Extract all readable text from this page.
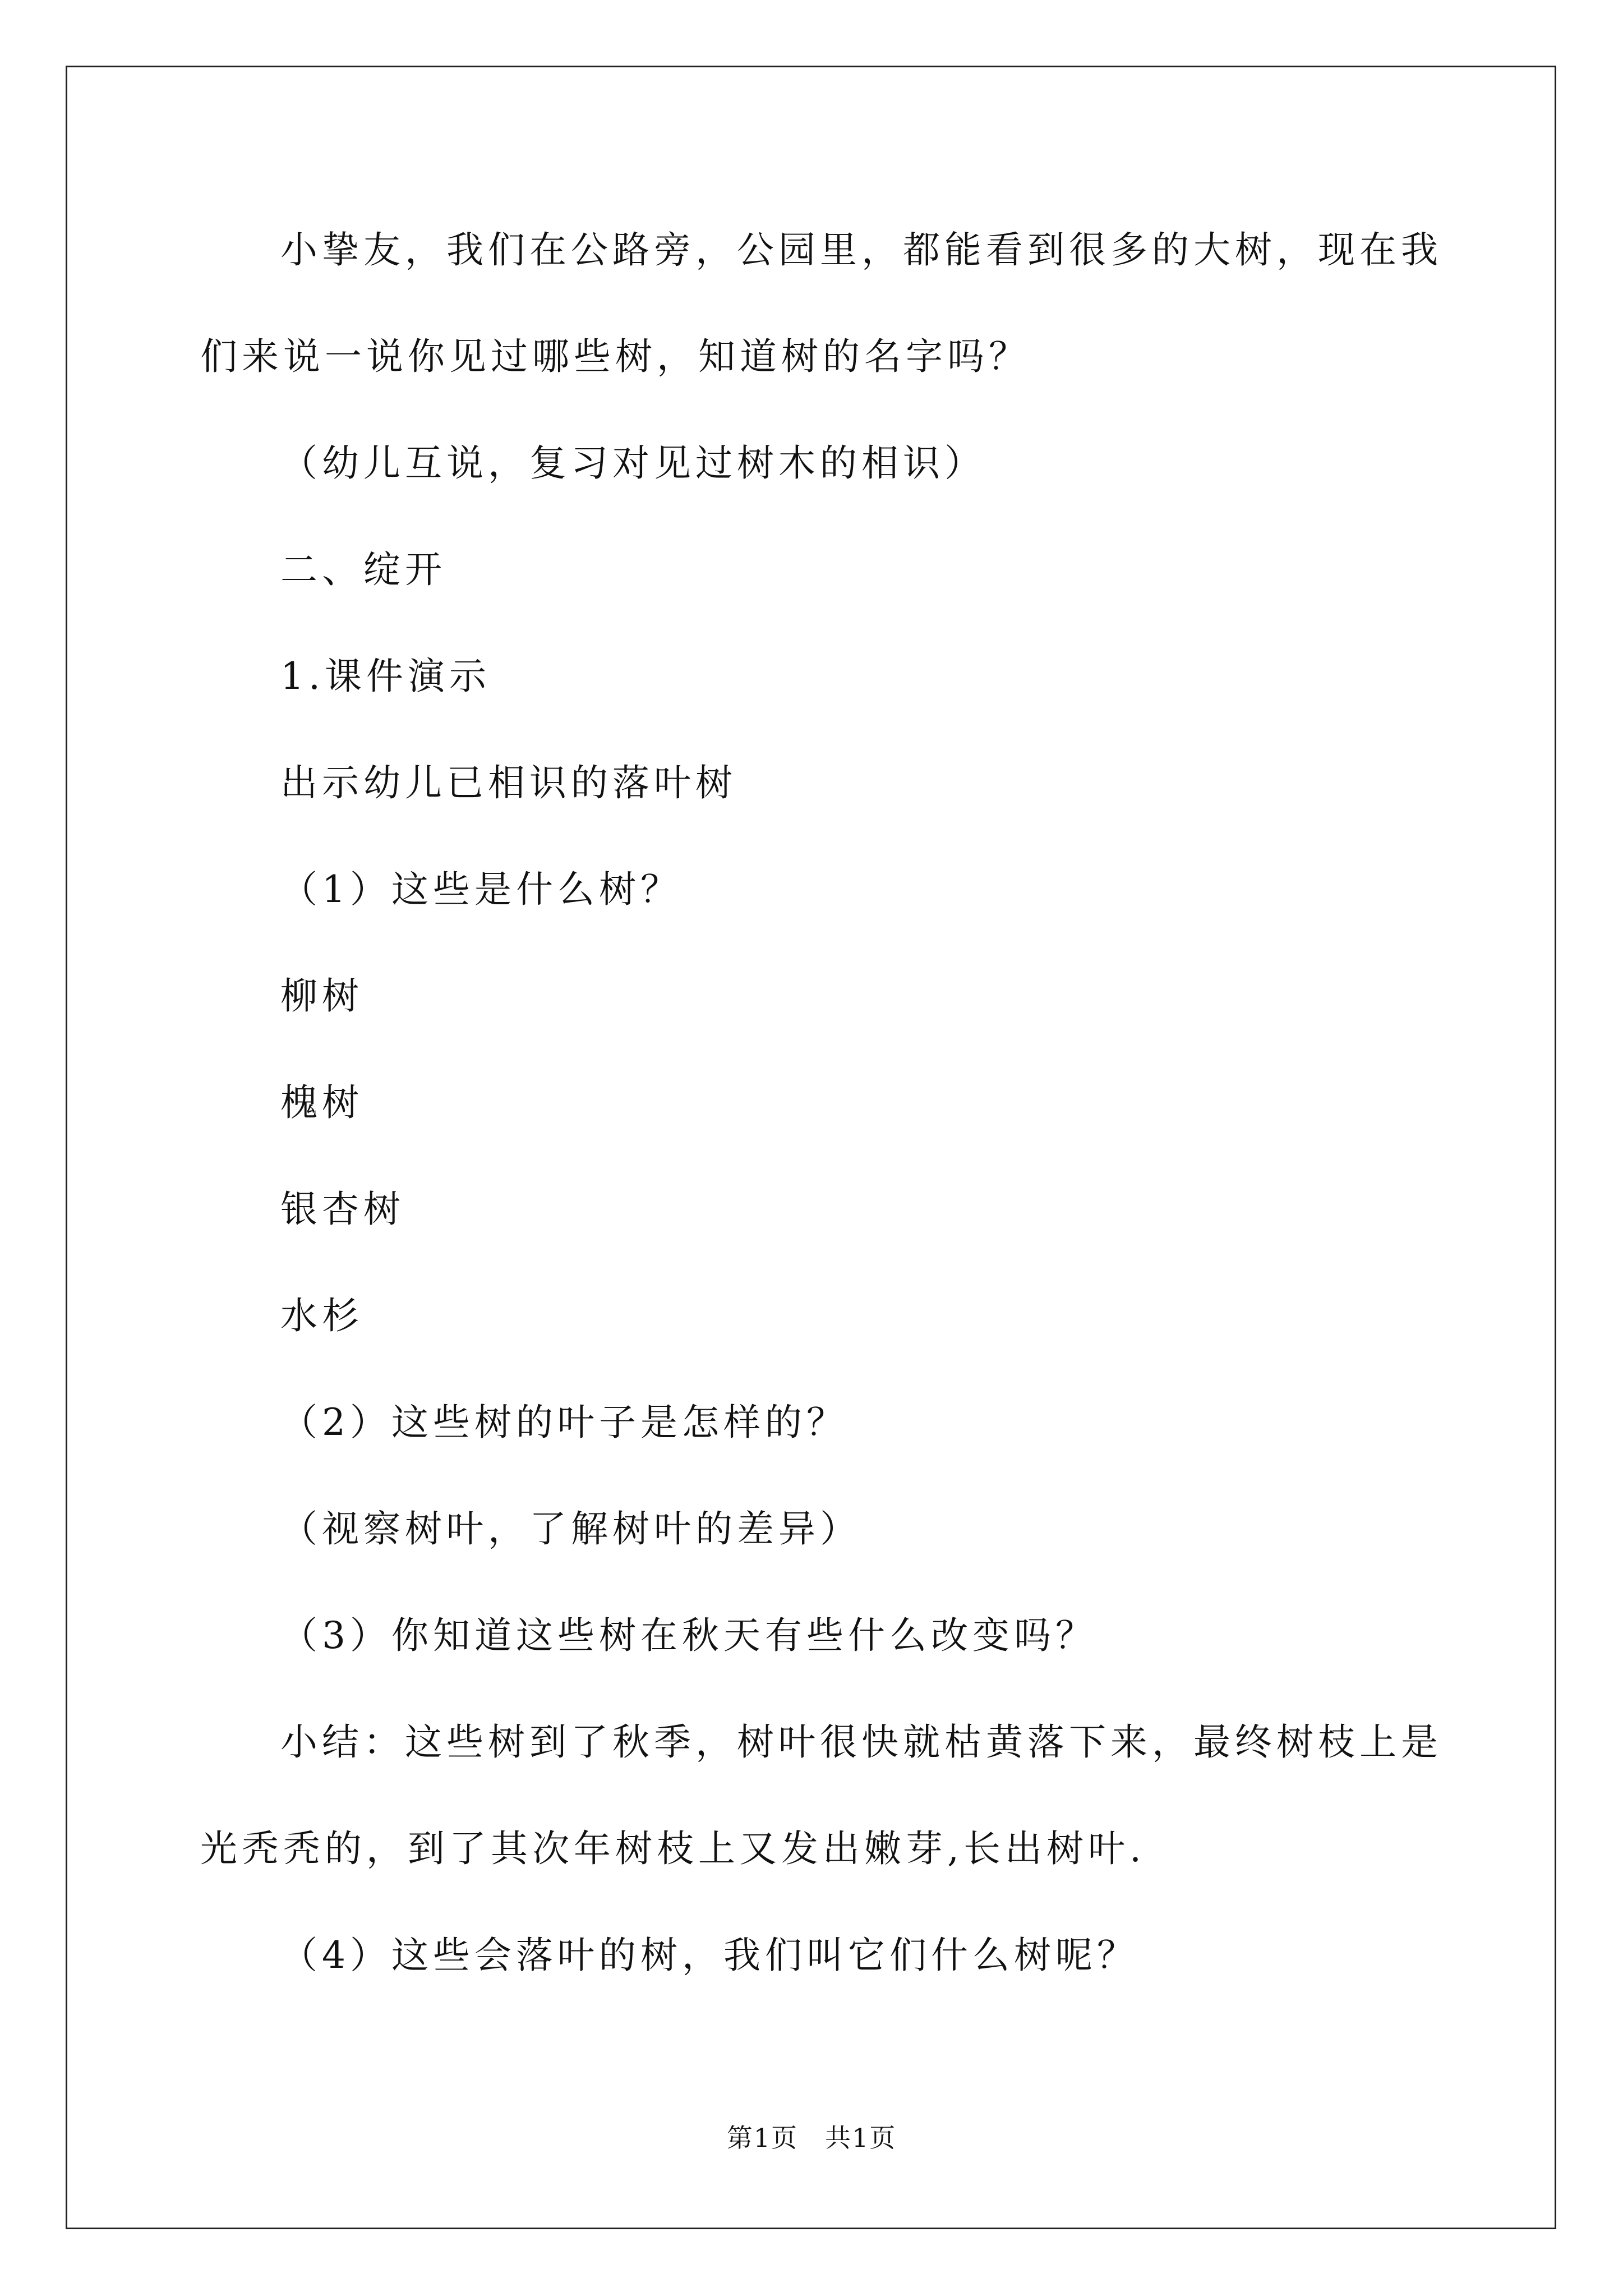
小挚友，我们在公路旁，公园里，都能看到很多的大树，现在我

们来说一说你见过哪些树，知道树的名字吗？

（幼儿互说，复习对见过树木的相识）

二、绽开

1.课件演示

出示幼儿已相识的落叶树

（1）这些是什么树？

柳树

槐树

银杏树

水杉

（2）这些树的叶子是怎样的？

（视察树叶，了解树叶的差异）

（3）你知道这些树在秋天有些什么改变吗？

小结：这些树到了秋季，树叶很快就枯黄落下来，最终树枝上是

光秃秃的，到了其次年树枝上又发出嫩芽,长出树叶.

（4）这些会落叶的树，我们叫它们什么树呢？

第1页　共1页
